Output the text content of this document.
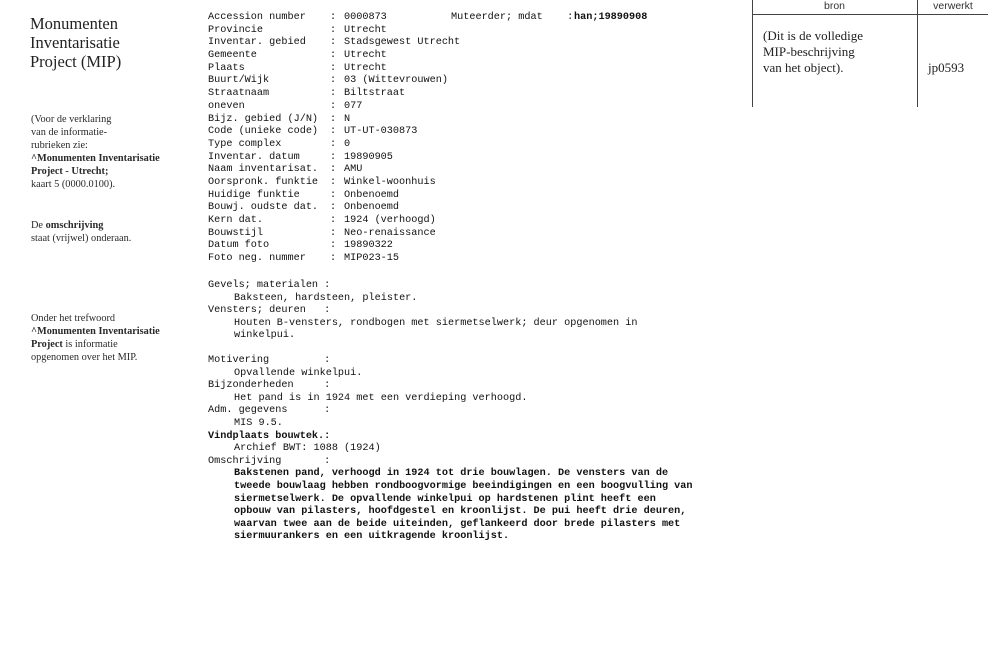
Monumenten
Inventarisatie
Project (MIP)
(Voor de verklaring
van de informatie-
rubrieken zie:
^Monumenten Inventarisatie
Project - Utrecht;
kaart 5 (0000.0100).
De omschrijving
staat (vrijwel) onderaan.
Onder het trefwoord
^Monumenten Inventarisatie
Project is informatie
opgenomen over het MIP.
bron	verwerkt
(Dit is de volledige
MIP-beschrijving
van het object).	jp0593
Muteerder; mdat : han;19890908
Accession number	: 0000873
Provincie	: Utrecht
Inventar. gebied	: Stadsgewest Utrecht
Gemeente	: Utrecht
Plaats	: Utrecht
Buurt/Wijk	: 03 (Wittevrouwen)
Straatnaam	: Biltstraat
oneven	: 077
Bijz. gebied (J/N)	: N
Code (unieke code)	: UT-UT-030873
Type complex	: 0
Inventar. datum	: 19890905
Naam inventarisat.	: AMU
Oorspronk. funktie	: Winkel-woonhuis
Huidige funktie	: Onbenoemd
Bouwj. oudste dat.	: Onbenoemd
Kern dat.	: 1924 (verhoogd)
Bouwstijl	: Neo-renaissance
Datum foto	: 19890322
Foto neg. nummer	: MIP023-15
Gevels; materialen :
Baksteen, hardsteen, pleister.
Vensters; deuren   :
Houten B-vensters, rondbogen met siermetselwerk; deur opgenomen in
winkelpui.
Motivering         :
Opvallende winkelpui.
Bijzonderheden     :
Het pand is in 1924 met een verdieping verhoogd.
Adm. gegevens      :
MIS 9.5.
Vindplaats bouwtek.:
Archief BWT: 1088 (1924)
Omschrijving       :
Bakstenen pand, verhoogd in 1924 tot drie bouwlagen. De vensters van de
tweede bouwlaag hebben rondboogvormige beeindigingen en een boogvulling van
siermetselwerk. De opvallende winkelpui op hardstenen plint heeft een
opbouw van pilasters, hoofdgestel en kroonlijst. De pui heeft drie deuren,
waarvan twee aan de beide uiteinden, geflankeerd door brede pilasters met
siermuurankers en een uitkragende kroonlijst.
